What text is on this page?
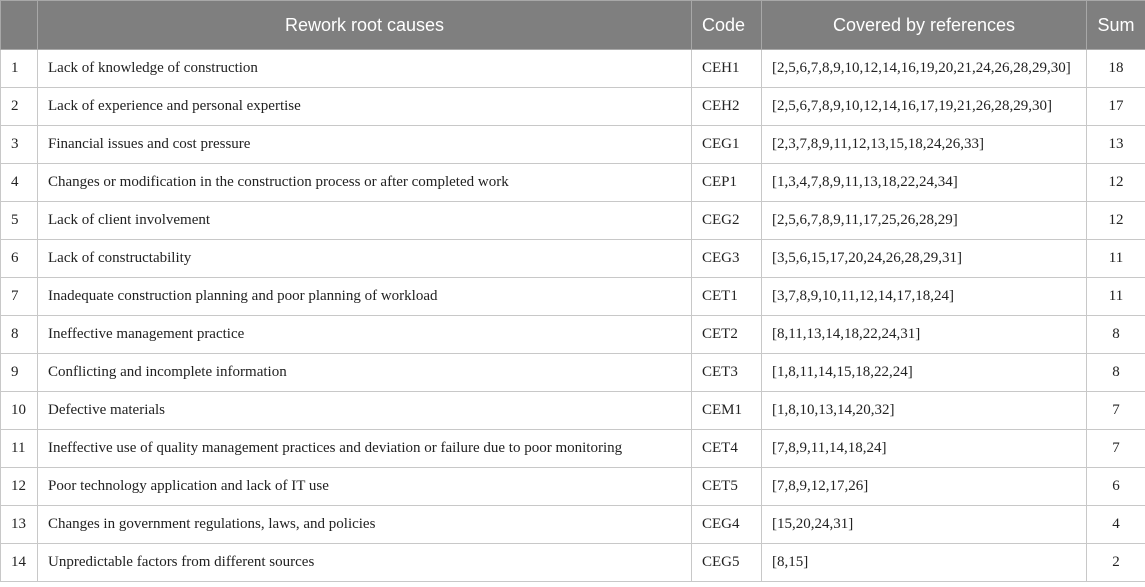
	Rework root causes	Code	Covered by references	Sum
1	Lack of knowledge of construction	CEH1	[2,5,6,7,8,9,10,12,14,16,19,20,21,24,26,28,29,30]	18
2	Lack of experience and personal expertise	CEH2	[2,5,6,7,8,9,10,12,14,16,17,19,21,26,28,29,30]	17
3	Financial issues and cost pressure	CEG1	[2,3,7,8,9,11,12,13,15,18,24,26,33]	13
4	Changes or modification in the construction process or after completed work	CEP1	[1,3,4,7,8,9,11,13,18,22,24,34]	12
5	Lack of client involvement	CEG2	[2,5,6,7,8,9,11,17,25,26,28,29]	12
6	Lack of constructability	CEG3	[3,5,6,15,17,20,24,26,28,29,31]	11
7	Inadequate construction planning and poor planning of workload	CET1	[3,7,8,9,10,11,12,14,17,18,24]	11
8	Ineffective management practice	CET2	[8,11,13,14,18,22,24,31]	8
9	Conflicting and incomplete information	CET3	[1,8,11,14,15,18,22,24]	8
10	Defective materials	CEM1	[1,8,10,13,14,20,32]	7
11	Ineffective use of quality management practices and deviation or failure due to poor monitoring	CET4	[7,8,9,11,14,18,24]	7
12	Poor technology application and lack of IT use	CET5	[7,8,9,12,17,26]	6
13	Changes in government regulations, laws, and policies	CEG4	[15,20,24,31]	4
14	Unpredictable factors from different sources	CEG5	[8,15]	2
